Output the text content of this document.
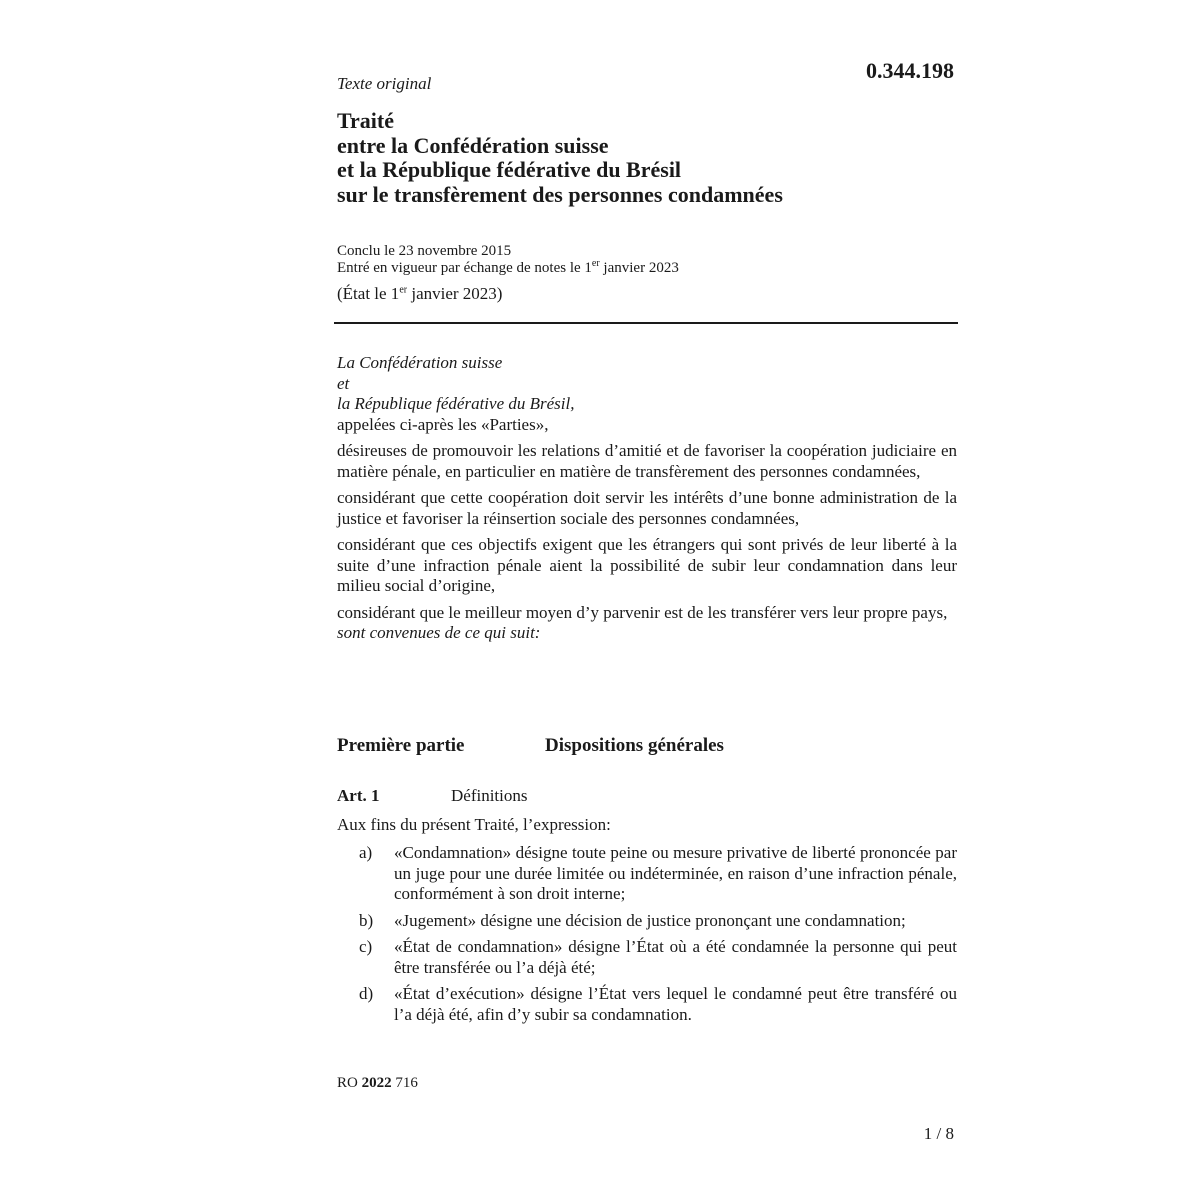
Texte original
0.344.198
Traité
entre la Confédération suisse
et la République fédérative du Brésil
sur le transfèrement des personnes condamnées
Conclu le 23 novembre 2015
Entré en vigueur par échange de notes le 1er janvier 2023
(État le 1er janvier 2023)
La Confédération suisse
et
la République fédérative du Brésil,
appelées ci-après les «Parties»,
désireuses de promouvoir les relations d’amitié et de favoriser la coopération judiciaire en matière pénale, en particulier en matière de transfèrement des personnes condamnées,
considérant que cette coopération doit servir les intérêts d’une bonne administration de la justice et favoriser la réinsertion sociale des personnes condamnées,
considérant que ces objectifs exigent que les étrangers qui sont privés de leur liberté à la suite d’une infraction pénale aient la possibilité de subir leur condamnation dans leur milieu social d’origine,
considérant que le meilleur moyen d’y parvenir est de les transférer vers leur propre pays,
sont convenues de ce qui suit:
Première partie	Dispositions générales
Art. 1	Définitions
Aux fins du présent Traité, l’expression:
a) «Condamnation» désigne toute peine ou mesure privative de liberté prononcée par un juge pour une durée limitée ou indéterminée, en raison d’une infraction pénale, conformément à son droit interne;
b) «Jugement» désigne une décision de justice prononçant une condamnation;
c) «État de condamnation» désigne l’État où a été condamnée la personne qui peut être transférée ou l’a déjà été;
d) «État d’exécution» désigne l’État vers lequel le condamné peut être transféré ou l’a déjà été, afin d’y subir sa condamnation.
RO 2022 716
1 / 8
